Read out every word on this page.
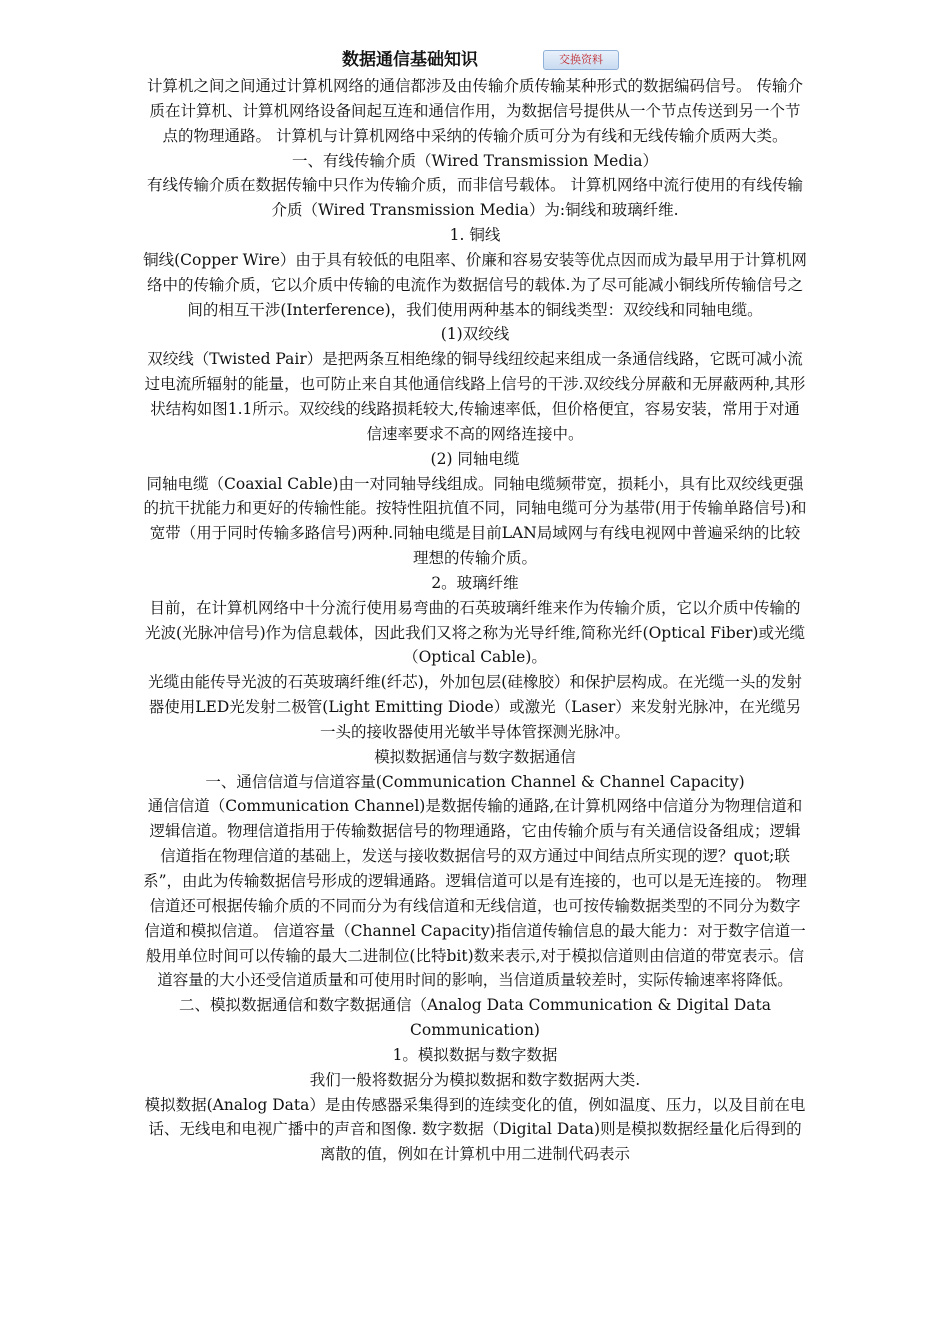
数据通信基础知识	交换资料

计算机之间之间通过计算机网络的通信都涉及由传输介质传输某种形式的数据编码信号。 传输介质在计算机、计算机网络设备间起互连和通信作用，为数据信号提供从一个节点传送到另一个节点的物理通路。 计算机与计算机网络中采纳的传输介质可分为有线和无线传输介质两大类。

一、有线传输介质（Wired Transmission Media）

有线传输介质在数据传输中只作为传输介质，而非信号载体。 计算机网络中流行使用的有线传输介质（Wired Transmission Media）为:铜线和玻璃纤维.

1. 铜线

铜线(Copper Wire）由于具有较低的电阻率、价廉和容易安装等优点因而成为最早用于计算机网络中的传输介质，它以介质中传输的电流作为数据信号的载体.为了尽可能减小铜线所传输信号之间的相互干涉(Interference)，我们使用两种基本的铜线类型：双绞线和同轴电缆。

(1)双绞线

双绞线（Twisted Pair）是把两条互相绝缘的铜导线纽绞起来组成一条通信线路，它既可减小流过电流所辐射的能量，也可防止来自其他通信线路上信号的干涉.双绞线分屏蔽和无屏蔽两种,其形状结构如图1.1所示。双绞线的线路损耗较大,传输速率低，但价格便宜，容易安装，常用于对通信速率要求不高的网络连接中。

(2) 同轴电缆

同轴电缆（Coaxial Cable)由一对同轴导线组成。同轴电缆频带宽，损耗小，具有比双绞线更强的抗干扰能力和更好的传输性能。按特性阻抗值不同，同轴电缆可分为基带(用于传输单路信号)和宽带（用于同时传输多路信号)两种.同轴电缆是目前LAN局域网与有线电视网中普遍采纳的比较理想的传输介质。

2。玻璃纤维

目前，在计算机网络中十分流行使用易弯曲的石英玻璃纤维来作为传输介质，它以介质中传输的光波(光脉冲信号)作为信息载体，因此我们又将之称为光导纤维,简称光纤(Optical Fiber)或光缆（Optical Cable)。

光缆由能传导光波的石英玻璃纤维(纤芯)，外加包层(硅橡胶）和保护层构成。在光缆一头的发射器使用LED光发射二极管(Light Emitting Diode）或激光（Laser）来发射光脉冲，在光缆另一头的接收器使用光敏半导体管探测光脉冲。

模拟数据通信与数字数据通信

一、通信信道与信道容量(Communication Channel & Channel Capacity)

通信信道（Communication Channel)是数据传输的通路,在计算机网络中信道分为物理信道和逻辑信道。物理信道指用于传输数据信号的物理通路，它由传输介质与有关通信设备组成；逻辑信道指在物理信道的基础上，发送与接收数据信号的双方通过中间结点所实现的逻？quot;联系”，由此为传输数据信号形成的逻辑通路。逻辑信道可以是有连接的，也可以是无连接的。 物理信道还可根据传输介质的不同而分为有线信道和无线信道，也可按传输数据类型的不同分为数字信道和模拟信道。 信道容量（Channel Capacity)指信道传输信息的最大能力：对于数字信道一般用单位时间可以传输的最大二进制位(比特bit)数来表示,对于模拟信道则由信道的带宽表示。信道容量的大小还受信道质量和可使用时间的影响，当信道质量较差时，实际传输速率将降低。

二、模拟数据通信和数字数据通信（Analog Data Communication & Digital Data Communication)

1。模拟数据与数字数据

我们一般将数据分为模拟数据和数字数据两大类.

模拟数据(Analog Data）是由传感器采集得到的连续变化的值，例如温度、压力，以及目前在电话、无线电和电视广播中的声音和图像. 数字数据（Digital Data)则是模拟数据经量化后得到的离散的值，例如在计算机中用二进制代码表示
